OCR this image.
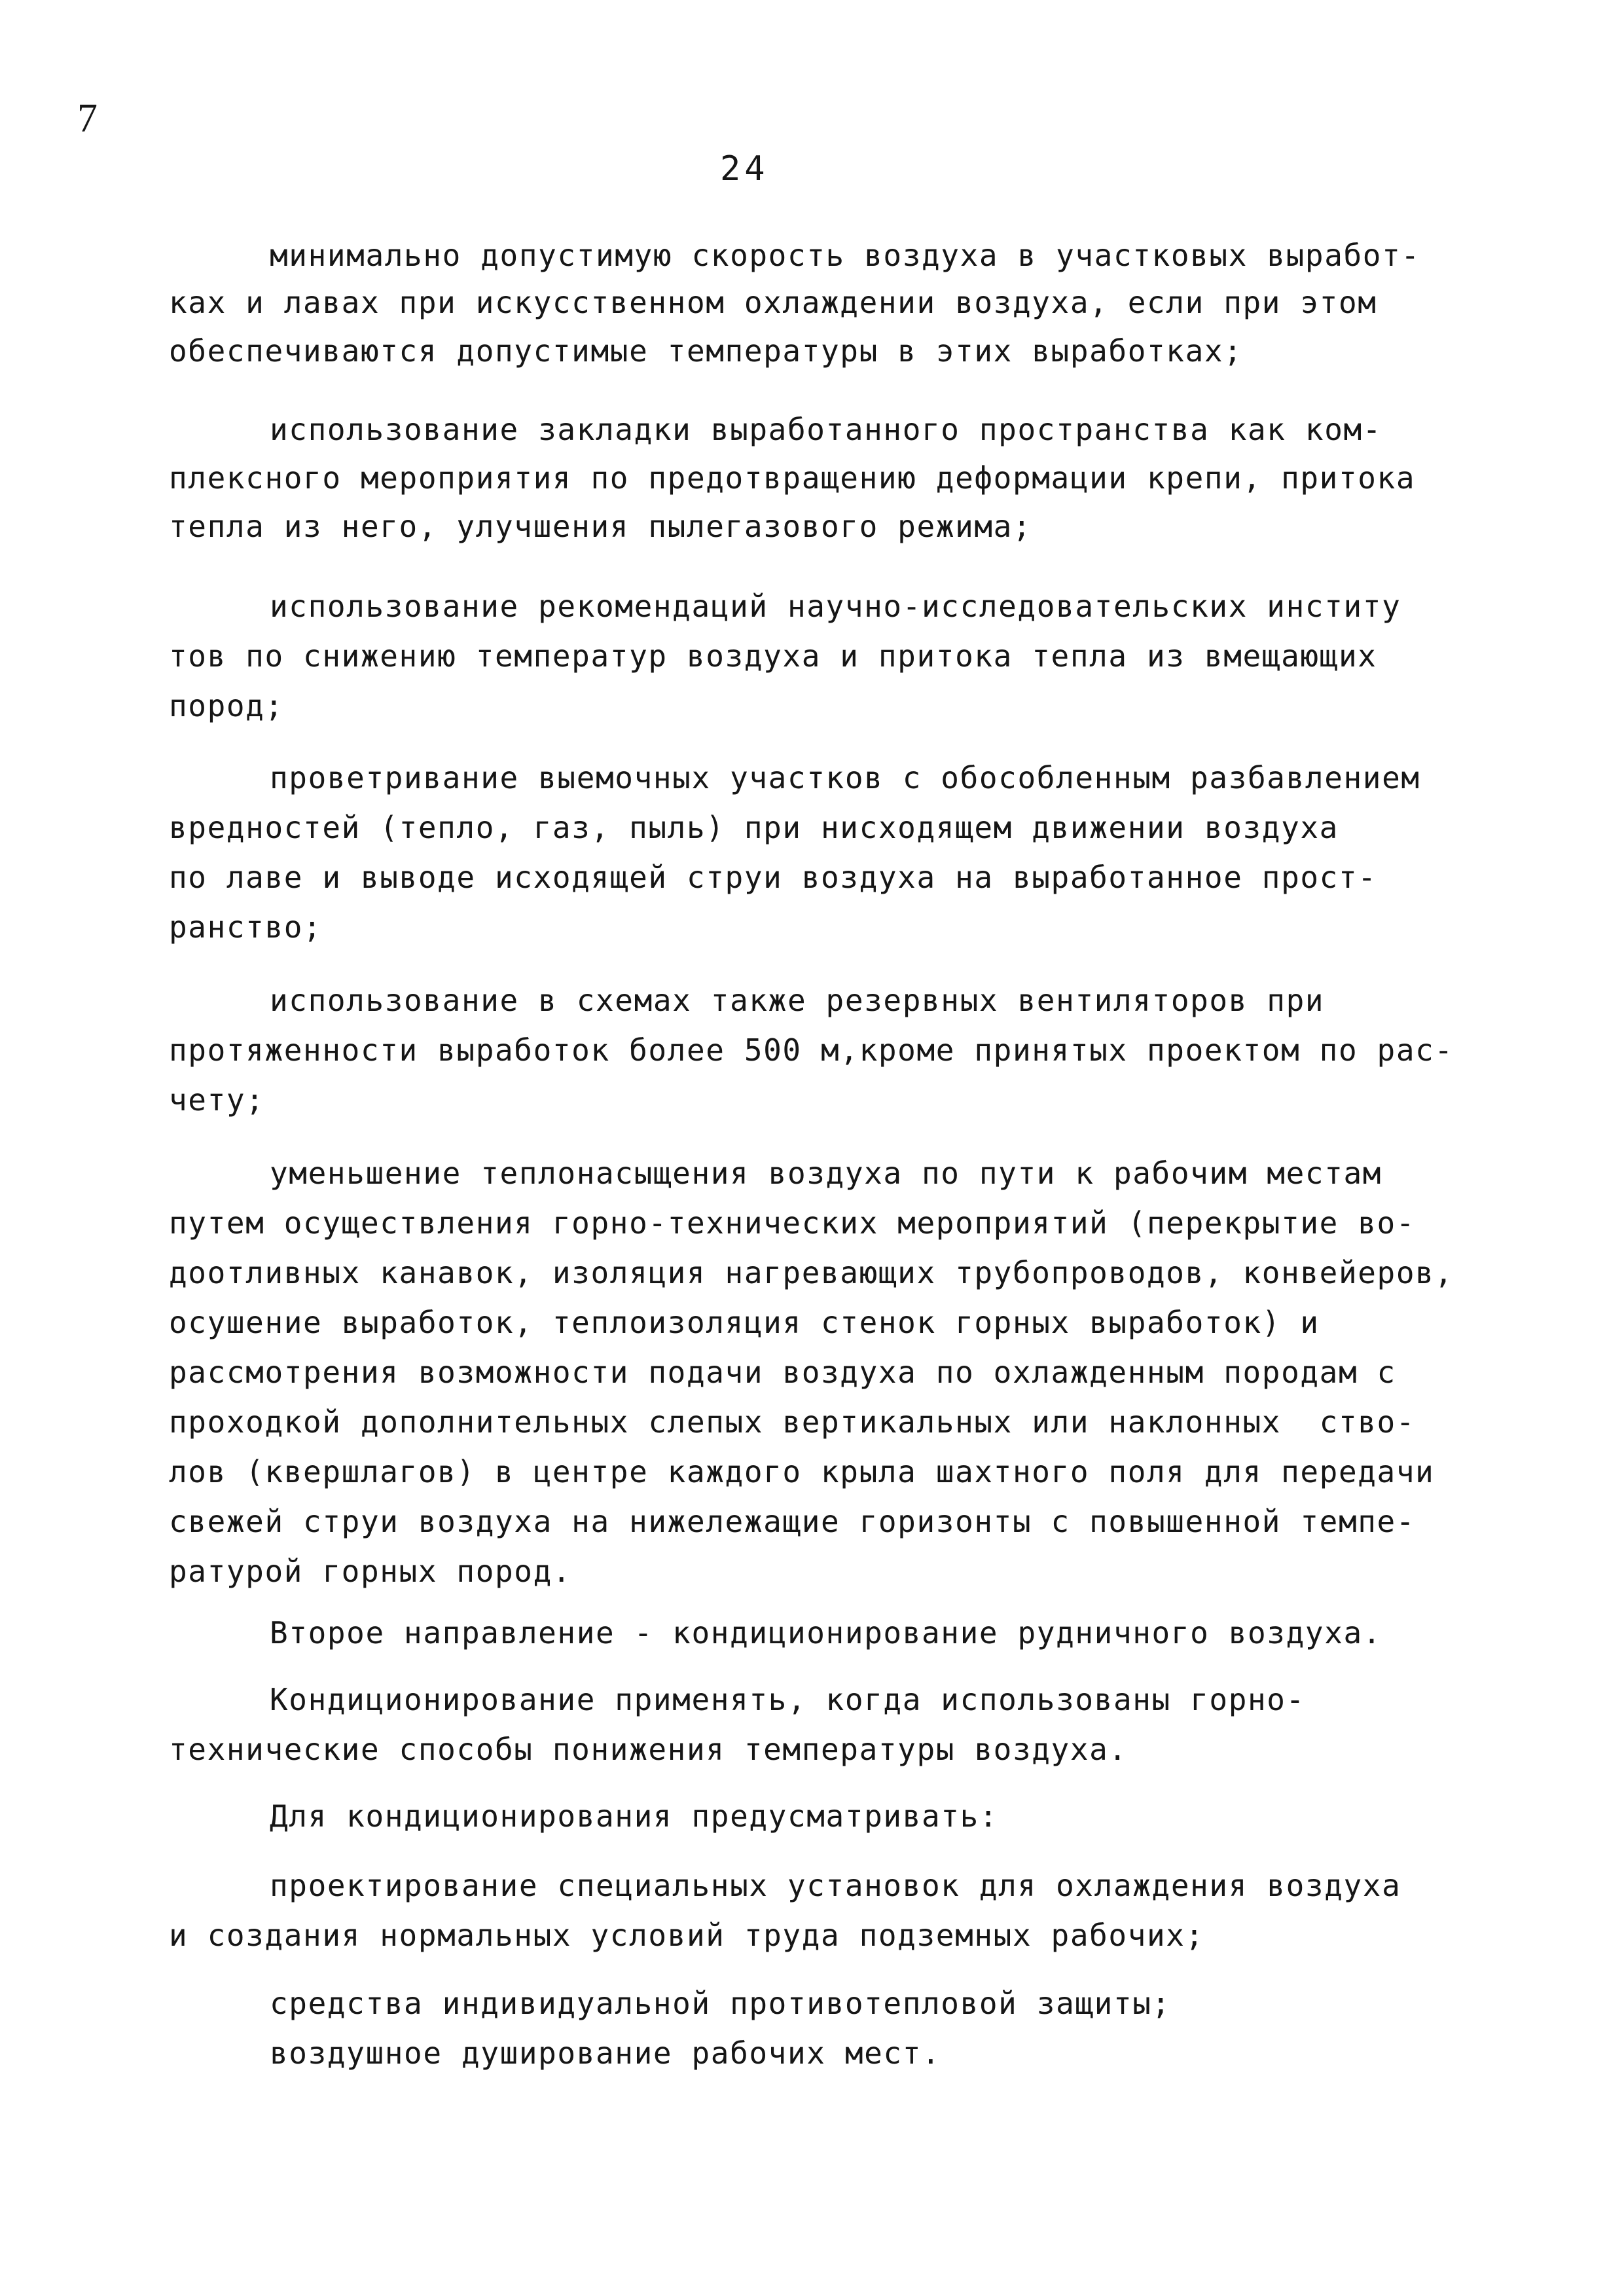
7
24
минимально допустимую скорость воздуха в участковых выработ-
ках и лавах при искусственном охлаждении воздуха, если при этом
обеспечиваются допустимые температуры в этих выработках;
использование закладки выработанного пространства как ком-
плексного мероприятия по предотвращению деформации крепи, притока
тепла из него, улучшения пылегазового режима;
использование рекомендаций научно-исследовательских институ
тов по снижению температур воздуха и притока тепла из вмещающих
пород;
проветривание выемочных участков с обособленным разбавлением
вредностей (тепло, газ, пыль) при нисходящем движении воздуха
по лаве и выводе исходящей струи воздуха на выработанное прост-
ранство;
использование в схемах также резервных вентиляторов при
протяженности выработок более 500 м,кроме принятых проектом по рас-
чету;
уменьшение теплонасыщения воздуха по пути к рабочим местам
путем осуществления горно-технических мероприятий (перекрытие во-
доотливных канавок, изоляция нагревающих трубопроводов, конвейеров,
осушение выработок, теплоизоляция стенок горных выработок) и
рассмотрения возможности подачи воздуха по охлажденным породам с
проходкой дополнительных слепых вертикальных или наклонных  ство-
лов (квершлагов) в центре каждого крыла шахтного поля для передачи
свежей струи воздуха на нижележащие горизонты с повышенной темпе-
ратурой горных пород.
Второе направление - кондиционирование рудничного воздуха.
Кондиционирование применять, когда использованы горно-
технические способы понижения температуры воздуха.
Для кондиционирования предусматривать:
проектирование специальных установок для охлаждения воздуха
и создания нормальных условий труда подземных рабочих;
средства индивидуальной противотепловой защиты;
воздушное душирование рабочих мест.
